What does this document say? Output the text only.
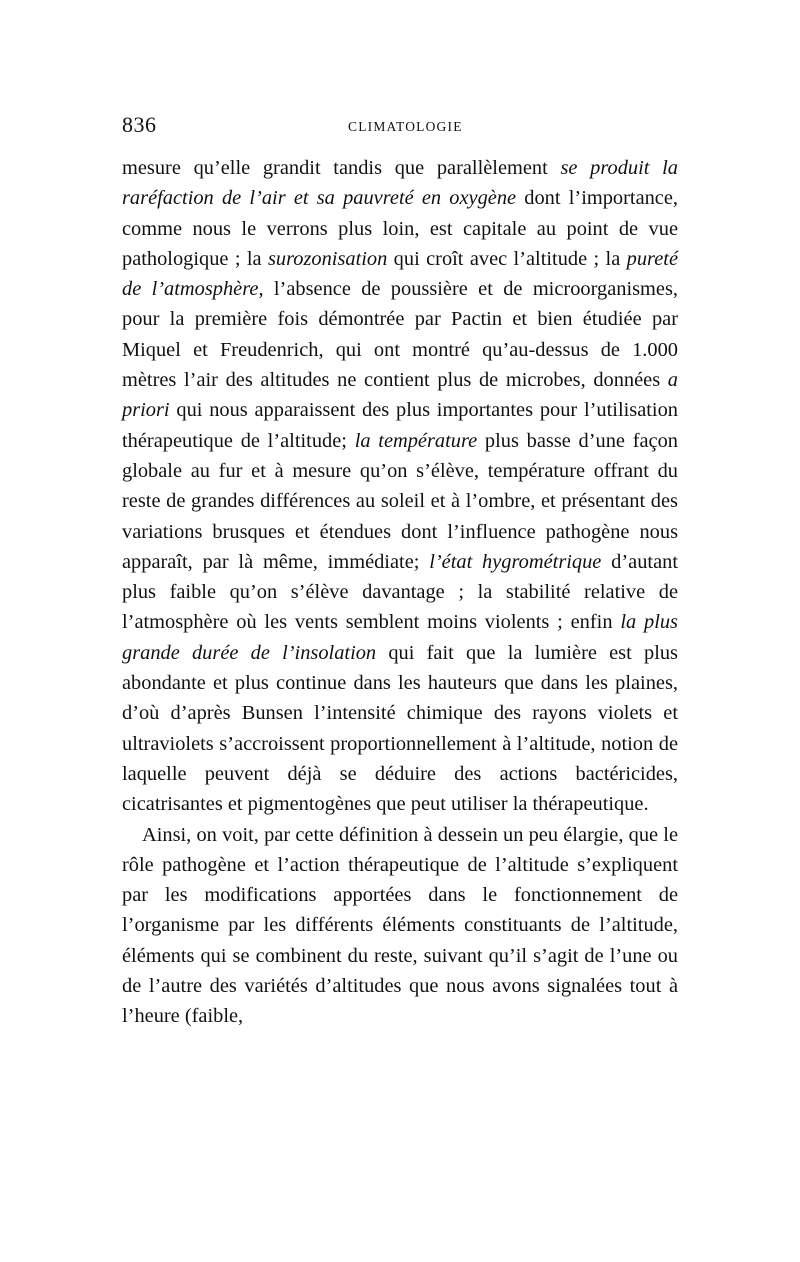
836	CLIMATOLOGIE

mesure qu’elle grandit tandis que parallèlement se produit la raréfaction de l’air et sa pauvreté en oxygène dont l’importance, comme nous le verrons plus loin, est capitale au point de vue pathologique ; la surozonisation qui croît avec l’altitude ; la pureté de l’atmosphère, l’absence de poussière et de microorganismes, pour la première fois démontrée par Pactin et bien étudiée par Miquel et Freudenrich, qui ont montré qu’au-dessus de 1.000 mètres l’air des altitudes ne contient plus de microbes, données a priori qui nous apparaissent des plus importantes pour l’utilisation thérapeutique de l’altitude; la température plus basse d’une façon globale au fur et à mesure qu’on s’élève, température offrant du reste de grandes différences au soleil et à l’ombre, et présentant des variations brusques et étendues dont l’influence pathogène nous apparaît, par là même, immédiate; l’état hygrométrique d’autant plus faible qu’on s’élève davantage ; la stabilité relative de l’atmosphère où les vents semblent moins violents ; enfin la plus grande durée de l’insolation qui fait que la lumière est plus abondante et plus continue dans les hauteurs que dans les plaines, d’où d’après Bunsen l’intensité chimique des rayons violets et ultraviolets s’accroissent proportionnellement à l’altitude, notion de laquelle peuvent déjà se déduire des actions bactéricides, cicatrisantes et pigmentogènes que peut utiliser la thérapeutique.

Ainsi, on voit, par cette définition à dessein un peu élargie, que le rôle pathogène et l’action thérapeutique de l’altitude s’expliquent par les modifications apportées dans le fonctionnement de l’organisme par les différents éléments constituants de l’altitude, éléments qui se combinent du reste, suivant qu’il s’agit de l’une ou de l’autre des variétés d’altitudes que nous avons signalées tout à l’heure (faible,
